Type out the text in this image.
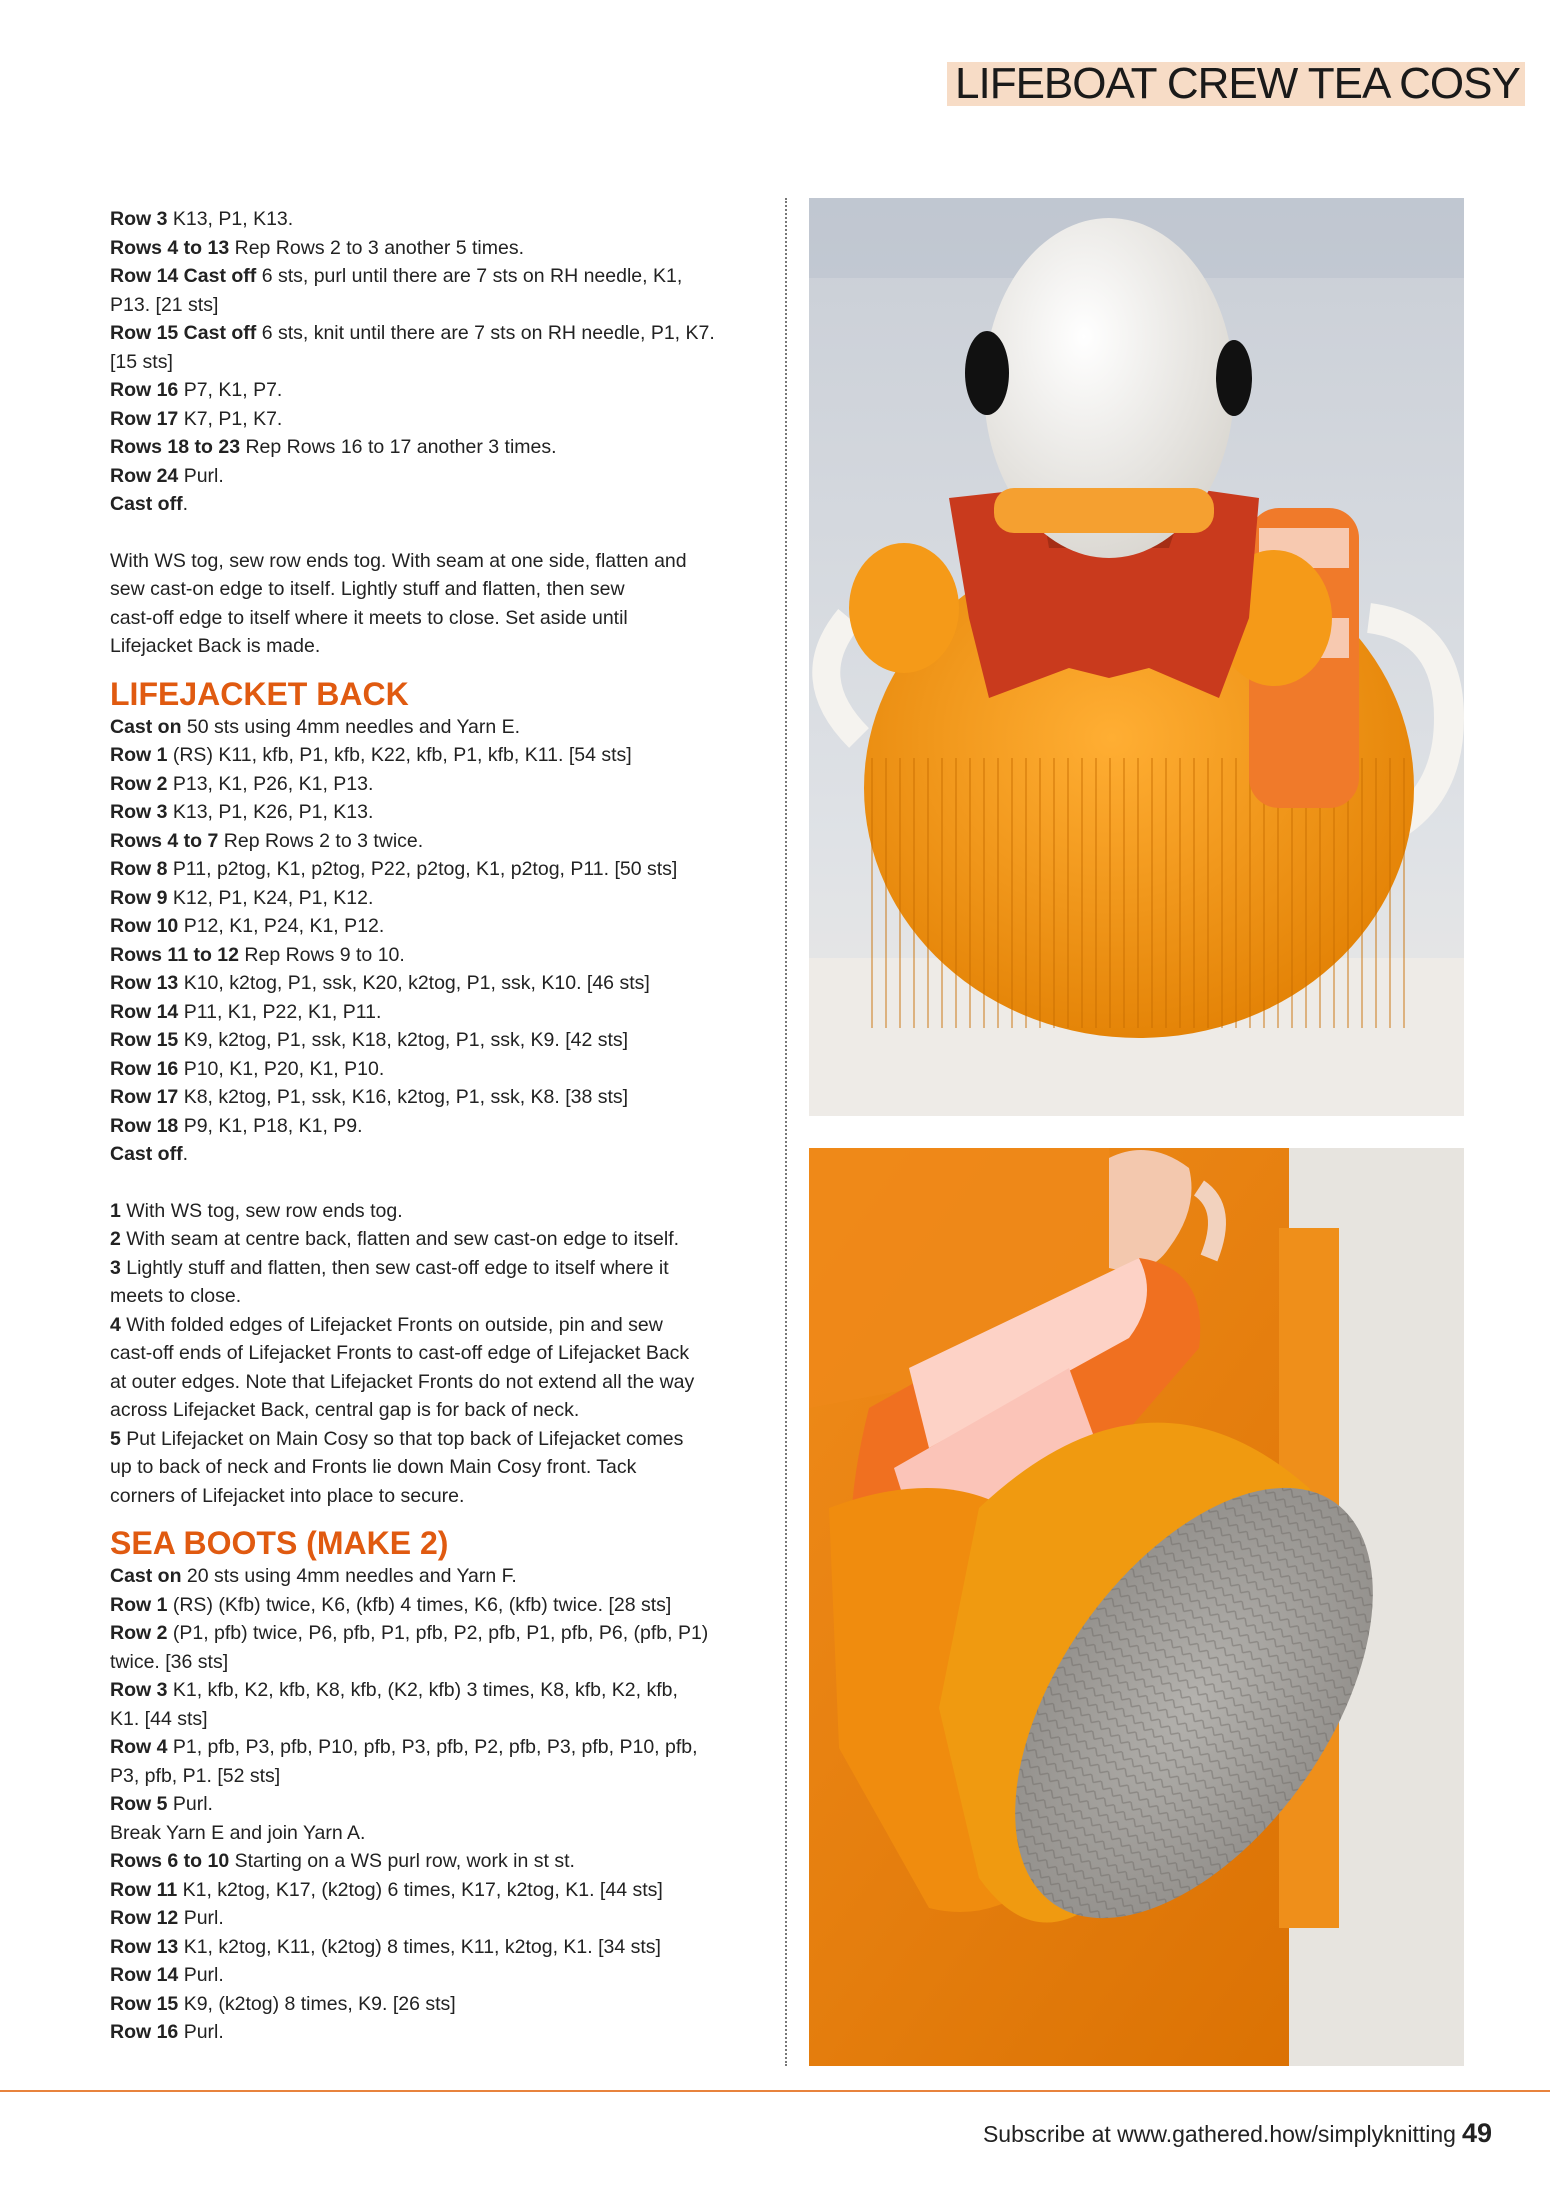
LIFEBOAT CREW TEA COSY

Row 3 K13, P1, K13.

Rows 4 to 13 Rep Rows 2 to 3 another 5 times.

Row 14 Cast off 6 sts, purl until there are 7 sts on RH needle, K1,

P13. [21 sts]

Row 15 Cast off 6 sts, knit until there are 7 sts on RH needle, P1, K7.

[15 sts]

Row 16 P7, K1, P7.

Row 17 K7, P1, K7.

Rows 18 to 23 Rep Rows 16 to 17 another 3 times.

Row 24 Purl.

Cast off.

With WS tog, sew row ends tog. With seam at one side, flatten and

sew cast-on edge to itself. Lightly stuff and flatten, then sew

cast-off edge to itself where it meets to close. Set aside until

Lifejacket Back is made.

LIFEJACKET BACK

Cast on 50 sts using 4mm needles and Yarn E.

Row 1 (RS) K11, kfb, P1, kfb, K22, kfb, P1, kfb, K11. [54 sts]

Row 2 P13, K1, P26, K1, P13.

Row 3 K13, P1, K26, P1, K13.

Rows 4 to 7 Rep Rows 2 to 3 twice.

Row 8 P11, p2tog, K1, p2tog, P22, p2tog, K1, p2tog, P11. [50 sts]

Row 9 K12, P1, K24, P1, K12.

Row 10 P12, K1, P24, K1, P12.

Rows 11 to 12 Rep Rows 9 to 10.

Row 13 K10, k2tog, P1, ssk, K20, k2tog, P1, ssk, K10. [46 sts]

Row 14 P11, K1, P22, K1, P11.

Row 15 K9, k2tog, P1, ssk, K18, k2tog, P1, ssk, K9. [42 sts]

Row 16 P10, K1, P20, K1, P10.

Row 17 K8, k2tog, P1, ssk, K16, k2tog, P1, ssk, K8. [38 sts]

Row 18 P9, K1, P18, K1, P9.

Cast off.

1 With WS tog, sew row ends tog.

2 With seam at centre back, flatten and sew cast-on edge to itself.

3 Lightly stuff and flatten, then sew cast-off edge to itself where it

meets to close.

4 With folded edges of Lifejacket Fronts on outside, pin and sew

cast-off ends of Lifejacket Fronts to cast-off edge of Lifejacket Back

at outer edges. Note that Lifejacket Fronts do not extend all the way

across Lifejacket Back, central gap is for back of neck.

5 Put Lifejacket on Main Cosy so that top back of Lifejacket comes

up to back of neck and Fronts lie down Main Cosy front. Tack

corners of Lifejacket into place to secure.

SEA BOOTS (MAKE 2)

Cast on 20 sts using 4mm needles and Yarn F.

Row 1 (RS) (Kfb) twice, K6, (kfb) 4 times, K6, (kfb) twice. [28 sts]

Row 2 (P1, pfb) twice, P6, pfb, P1, pfb, P2, pfb, P1, pfb, P6, (pfb, P1)

twice. [36 sts]

Row 3 K1, kfb, K2, kfb, K8, kfb, (K2, kfb) 3 times, K8, kfb, K2, kfb,

K1. [44 sts]

Row 4 P1, pfb, P3, pfb, P10, pfb, P3, pfb, P2, pfb, P3, pfb, P10, pfb,

P3, pfb, P1. [52 sts]

Row 5 Purl.

Break Yarn E and join Yarn A.

Rows 6 to 10 Starting on a WS purl row, work in st st.

Row 11 K1, k2tog, K17, (k2tog) 6 times, K17, k2tog, K1. [44 sts]

Row 12 Purl.

Row 13 K1, k2tog, K11, (k2tog) 8 times, K11, k2tog, K1. [34 sts]

Row 14 Purl.

Row 15 K9, (k2tog) 8 times, K9. [26 sts]

Row 16 Purl.

Subscribe at www.gathered.how/simplyknitting 49
